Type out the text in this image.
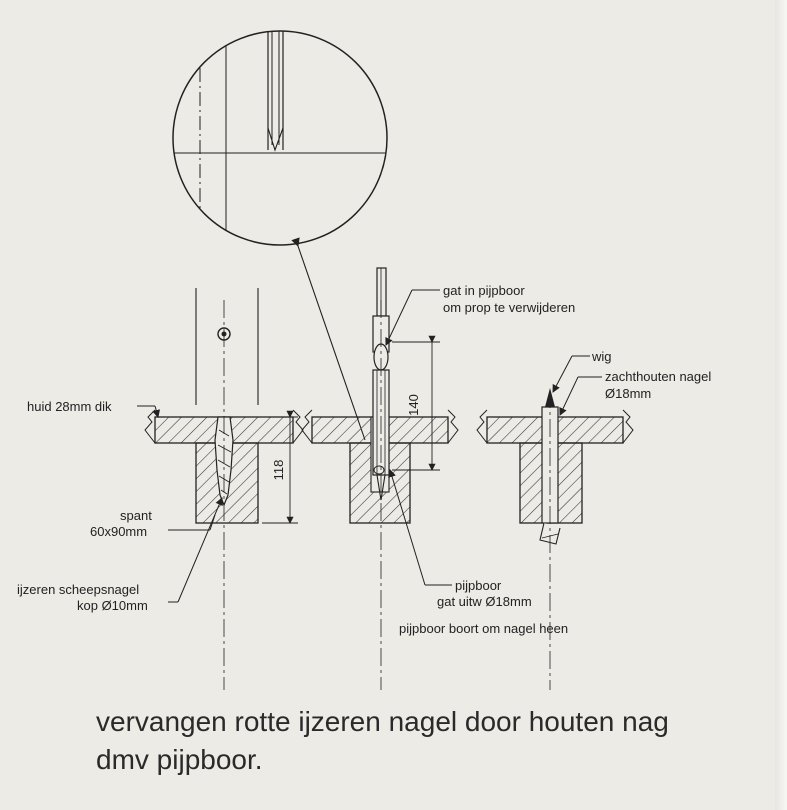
118
huid 28mm dik
spant
60x90mm
ijzeren scheepsnagel
kop Ø10mm
140
gat in pijpboor
om prop te verwijderen
pijpboor
gat uitw Ø18mm
pijpboor boort om nagel heen
wig
zachthouten nagel
Ø18mm
vervangen rotte ijzeren nagel door houten nag
dmv pijpboor.
